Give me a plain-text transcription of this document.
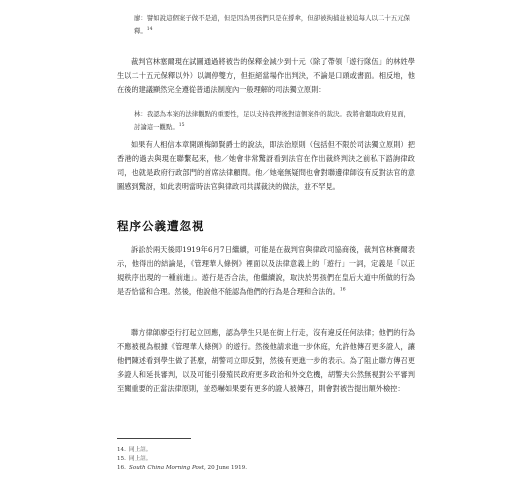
廖：譬如說這個案子做不是道，但是因為男孩們只是在撐傘，但卻被拘捕並被迫每人以二十五元保釋。$^{14}$
裁判官林塞爾現在試圖通過將被告的保釋金減少到十元（除了帶領「遊行隊伍」的林姓學生以二十五元保釋以外）以調停雙方，但拒絕當場作出判決，不論是口頭或書面。相反地，他在後的建議顯然完全遵從普通法制度內一般理解的司法獨立原則：
林：我認為本案的法律觀點的重要性，足以支持我押後對這個案件的裁決。我將會聽取政府見面，討論這一觀點。$^{15}$
如果有人相信本章開頭梅師賢爵士的說法，即法治原則（包括但不限於司法獨立原則）把香港的過去與現在聯繫起來，他／她會非常驚訝看到法官在作出裁終判決之前私下諮詢律政司，也就是政府行政部門的首席法律顧問。他／她毫無疑問也會對聯邊律師沒有反對法官的意圖感到驚訝，如此表明當時法官與律政司共謀裁決的做法，並不罕見。
程序公義遭忽視
訴訟於兩天後即1919年6月7日繼續，可能是在裁判官與律政司協商後，裁判官林賽爾表示，他得出的結論是，《管理華人條例》裡面以及法律意義上的「遊行」一詞，定義是「以正規秩序出現的一種前進」。遊行是否合法，他繼續說，取決於男孩們在皇后大道中所做的行為是否恰當和合理。然後，他說他不能認為他們的行為是合理和合法的。$^{16}$
聯方律師廖亞行打起立回應，認為學生只是在街上行走，沒有違反任何法律；他們的行為不應被視為根據《管理華人條例》的遊行。然後他請求進一步休庭，允許他傳召更多證人，讓他們陳述看到學生做了甚麼，胡警司立即反對，然後有更進一步的表示。為了阻止聯方傳召更多證人和延長審判，以及可能引發殖民政府更多政治和外交危機，胡警夫公然無視對公平審判至關重要的正當法律原則，並恐嚇如果要有更多的證人被傳召，則會對被告提出額外檢控：
14. 同上註。
15. 同上註。
16. South China Morning Post, 20 June 1919.
